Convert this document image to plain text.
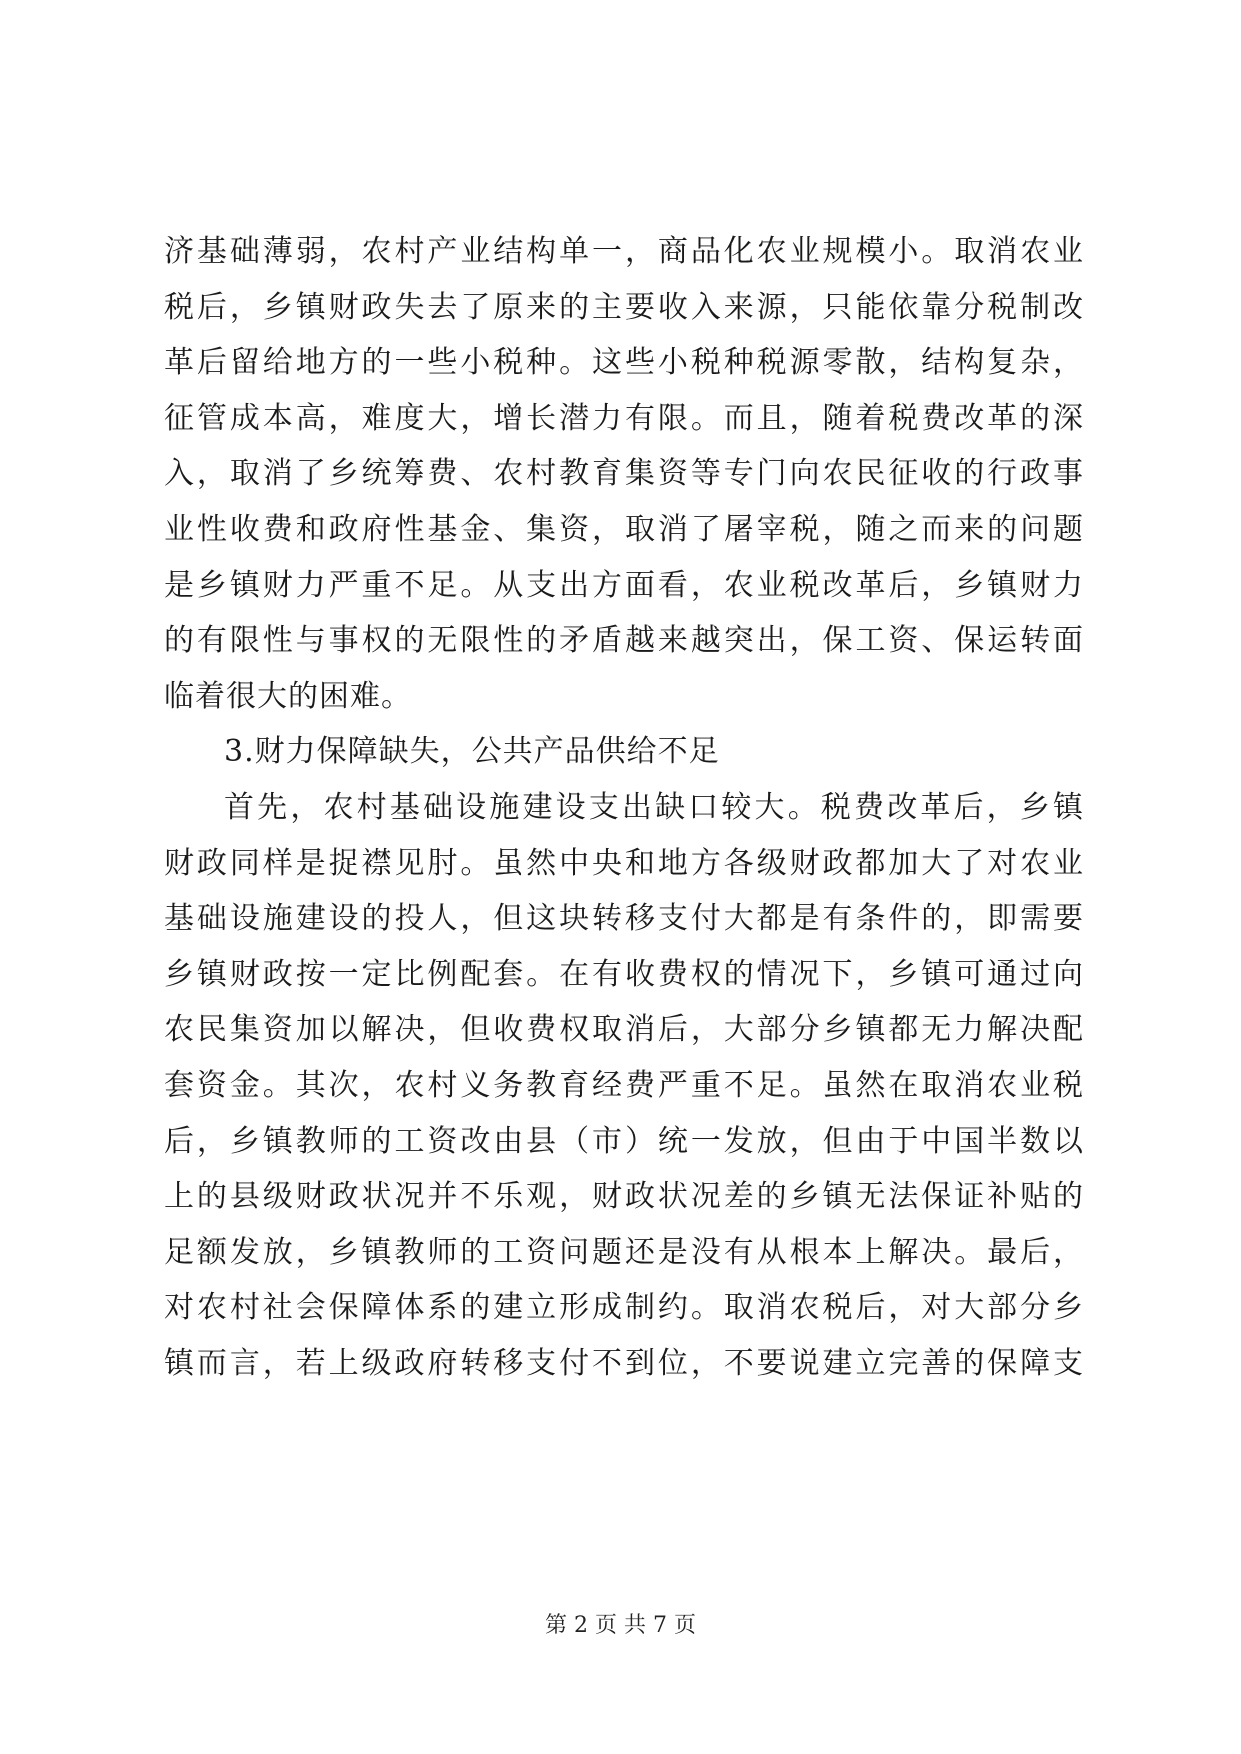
济基础薄弱，农村产业结构单一，商品化农业规模小。取消农业
税后，乡镇财政失去了原来的主要收入来源，只能依靠分税制改
革后留给地方的一些小税种。这些小税种税源零散，结构复杂，
征管成本高，难度大，增长潜力有限。而且，随着税费改革的深
入，取消了乡统筹费、农村教育集资等专门向农民征收的行政事
业性收费和政府性基金、集资，取消了屠宰税，随之而来的问题
是乡镇财力严重不足。从支出方面看，农业税改革后，乡镇财力
的有限性与事权的无限性的矛盾越来越突出，保工资、保运转面
临着很大的困难。
3.财力保障缺失，公共产品供给不足
首先，农村基础设施建设支出缺口较大。税费改革后，乡镇
财政同样是捉襟见肘。虽然中央和地方各级财政都加大了对农业
基础设施建设的投人，但这块转移支付大都是有条件的，即需要
乡镇财政按一定比例配套。在有收费权的情况下，乡镇可通过向
农民集资加以解决，但收费权取消后，大部分乡镇都无力解决配
套资金。其次，农村义务教育经费严重不足。虽然在取消农业税
后，乡镇教师的工资改由县（市）统一发放，但由于中国半数以
上的县级财政状况并不乐观，财政状况差的乡镇无法保证补贴的
足额发放，乡镇教师的工资问题还是没有从根本上解决。最后，
对农村社会保障体系的建立形成制约。取消农税后，对大部分乡
镇而言，若上级政府转移支付不到位，不要说建立完善的保障支
第 2 页 共 7 页
